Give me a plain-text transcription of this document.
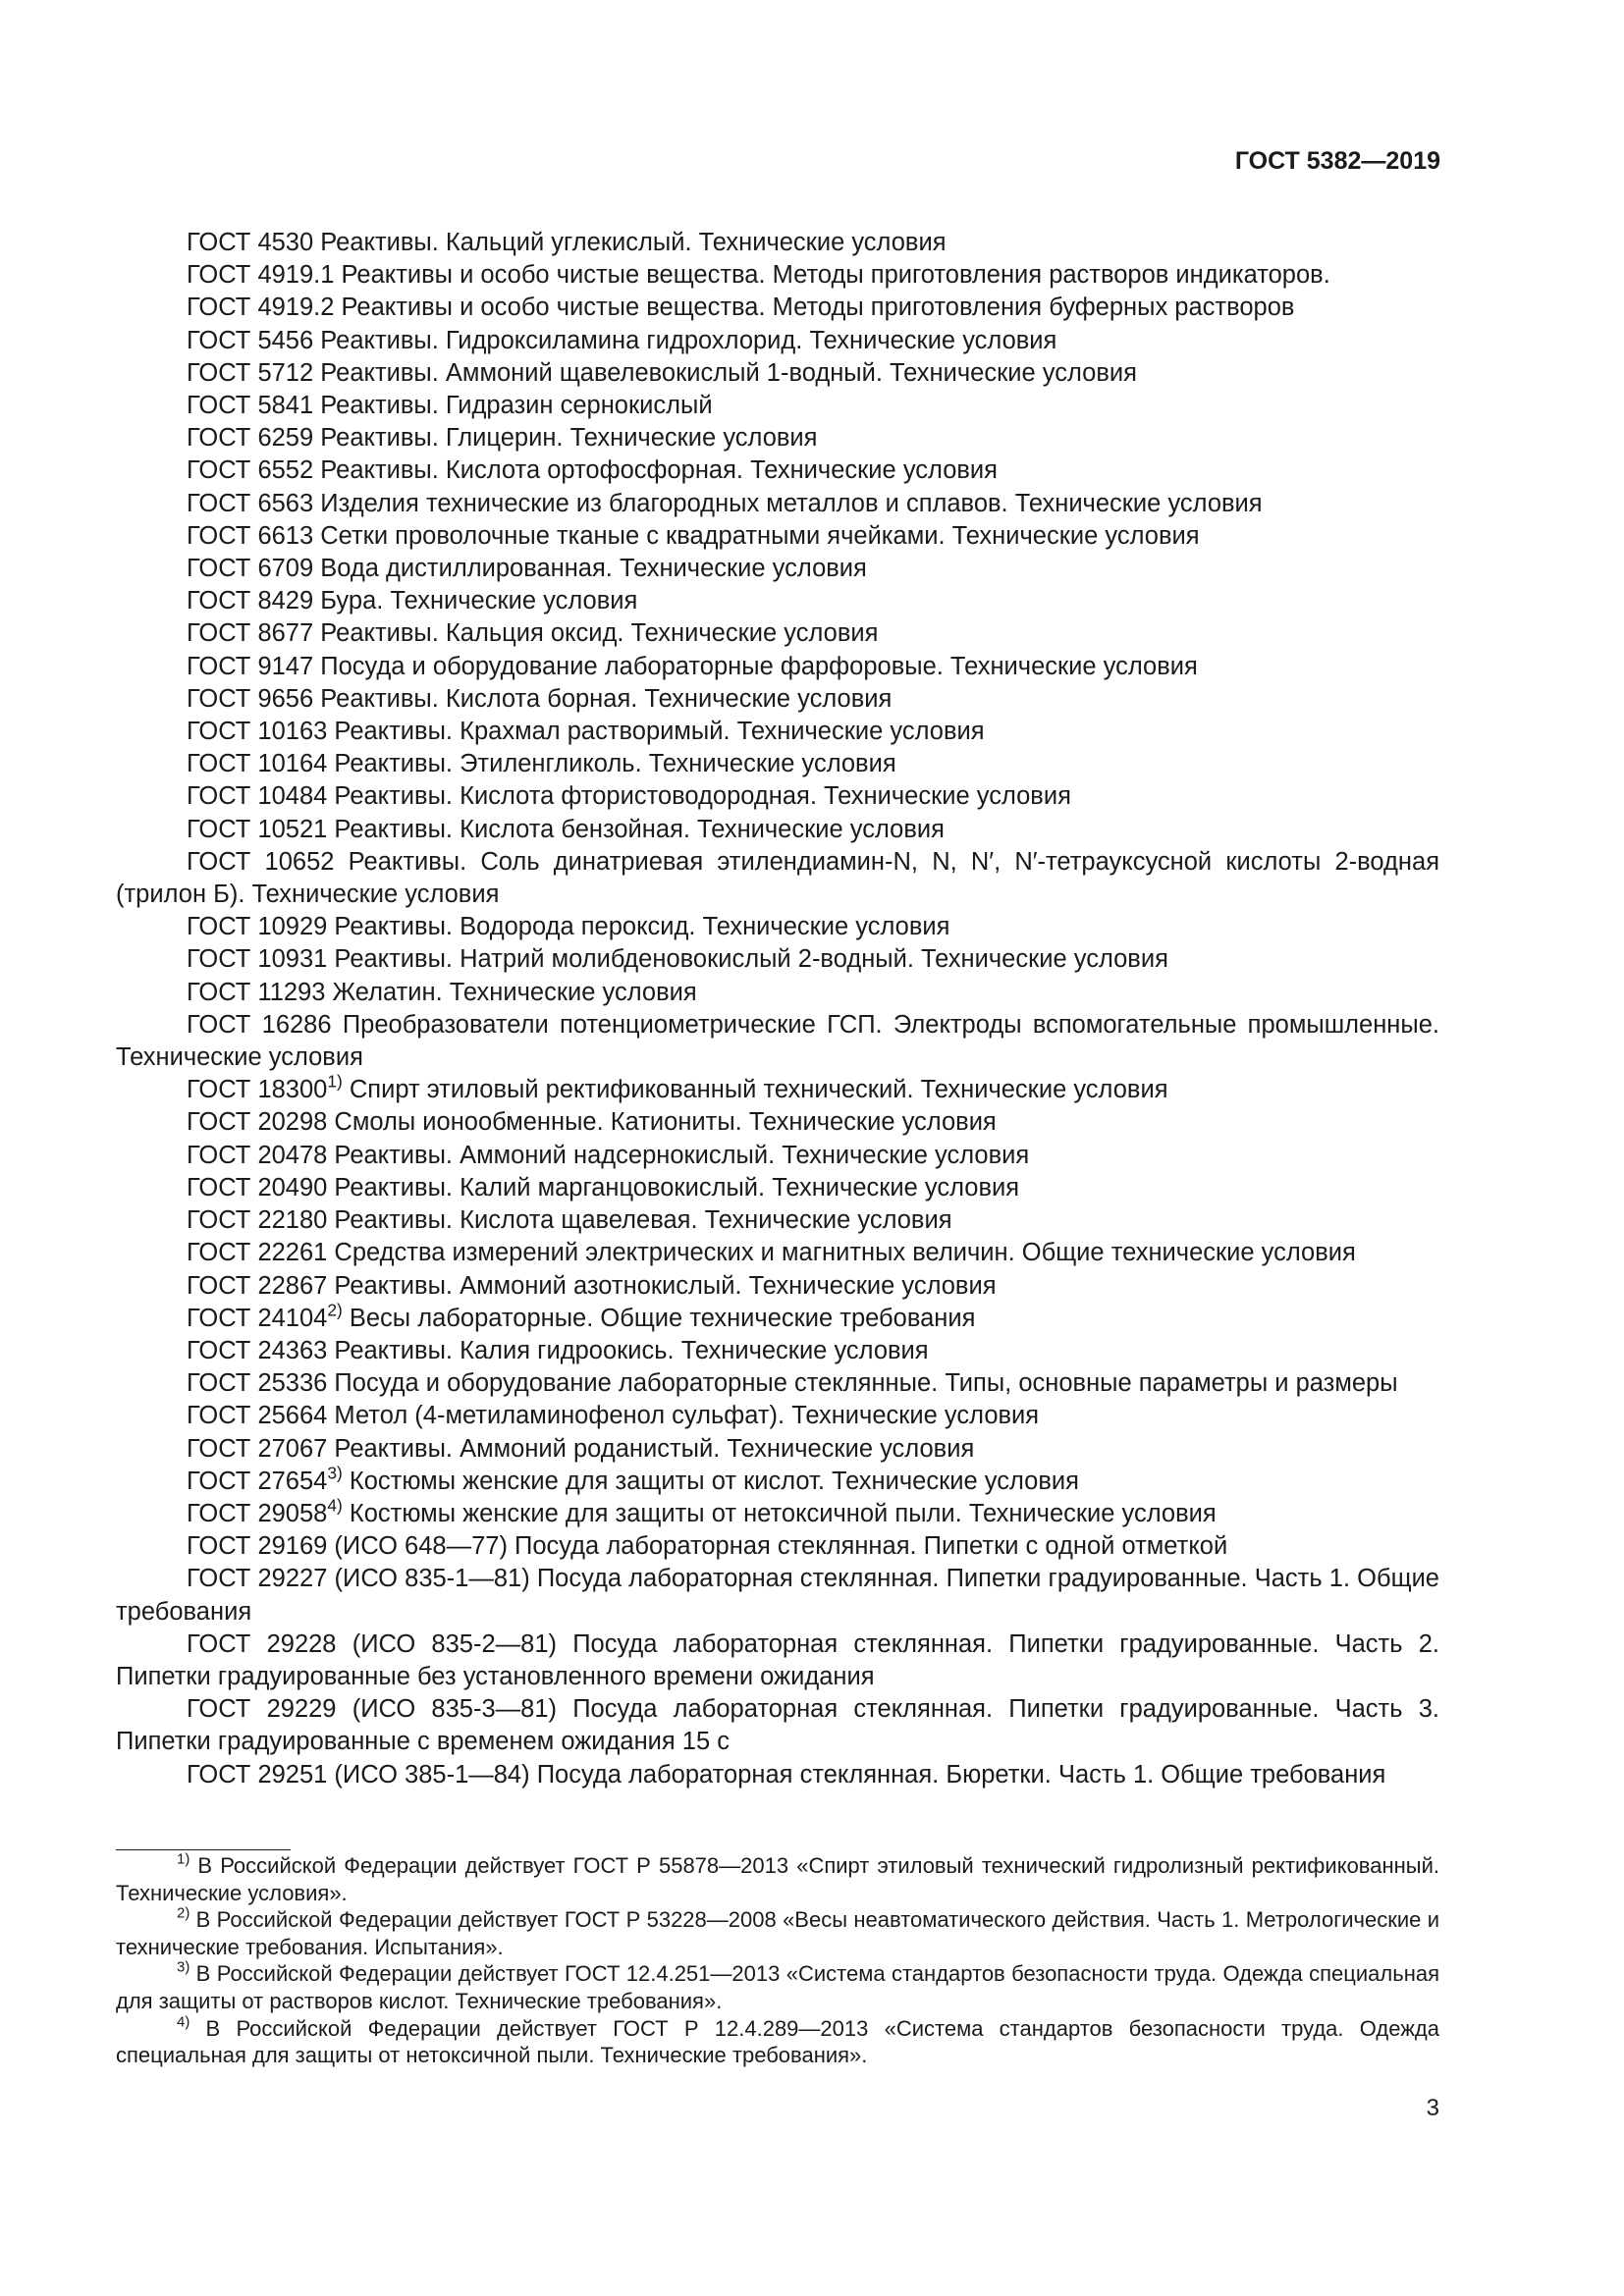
ГОСТ 5382—2019
ГОСТ 4530 Реактивы. Кальций углекислый. Технические условия
ГОСТ 4919.1 Реактивы и особо чистые вещества. Методы приготовления растворов индикаторов.
ГОСТ 4919.2 Реактивы и особо чистые вещества. Методы приготовления буферных растворов
ГОСТ 5456 Реактивы. Гидроксиламина гидрохлорид. Технические условия
ГОСТ 5712 Реактивы. Аммоний щавелевокислый 1-водный. Технические условия
ГОСТ 5841 Реактивы. Гидразин сернокислый
ГОСТ 6259 Реактивы. Глицерин. Технические условия
ГОСТ 6552 Реактивы. Кислота ортофосфорная. Технические условия
ГОСТ 6563 Изделия технические из благородных металлов и сплавов. Технические условия
ГОСТ 6613 Сетки проволочные тканые с квадратными ячейками. Технические условия
ГОСТ 6709 Вода дистиллированная. Технические условия
ГОСТ 8429 Бура. Технические условия
ГОСТ 8677 Реактивы. Кальция оксид. Технические условия
ГОСТ 9147 Посуда и оборудование лабораторные фарфоровые. Технические условия
ГОСТ 9656 Реактивы. Кислота борная. Технические условия
ГОСТ 10163 Реактивы. Крахмал растворимый. Технические условия
ГОСТ 10164 Реактивы. Этиленгликоль. Технические условия
ГОСТ 10484 Реактивы. Кислота фтористоводородная. Технические условия
ГОСТ 10521 Реактивы. Кислота бензойная. Технические условия
ГОСТ 10652 Реактивы. Соль динатриевая этилендиамин-N, N, N′, N′-тетрауксусной кислоты 2-водная (трилон Б). Технические условия
ГОСТ 10929 Реактивы. Водорода пероксид. Технические условия
ГОСТ 10931 Реактивы. Натрий молибденовокислый 2-водный. Технические условия
ГОСТ 11293 Желатин. Технические условия
ГОСТ 16286 Преобразователи потенциометрические ГСП. Электроды вспомогательные промышленные. Технические условия
ГОСТ 18300$^{1)}$ Спирт этиловый ректификованный технический. Технические условия
ГОСТ 20298 Смолы ионообменные. Катиониты. Технические условия
ГОСТ 20478 Реактивы. Аммоний надсернокислый. Технические условия
ГОСТ 20490 Реактивы. Калий марганцовокислый. Технические условия
ГОСТ 22180 Реактивы. Кислота щавелевая. Технические условия
ГОСТ 22261 Средства измерений электрических и магнитных величин. Общие технические условия
ГОСТ 22867 Реактивы. Аммоний азотнокислый. Технические условия
ГОСТ 24104$^{2)}$ Весы лабораторные. Общие технические требования
ГОСТ 24363 Реактивы. Калия гидроокись. Технические условия
ГОСТ 25336 Посуда и оборудование лабораторные стеклянные. Типы, основные параметры и размеры
ГОСТ 25664 Метол (4-метиламинофенол сульфат). Технические условия
ГОСТ 27067 Реактивы. Аммоний роданистый. Технические условия
ГОСТ 27654$^{3)}$ Костюмы женские для защиты от кислот. Технические условия
ГОСТ 29058$^{4)}$ Костюмы женские для защиты от нетоксичной пыли. Технические условия
ГОСТ 29169 (ИСО 648—77) Посуда лабораторная стеклянная. Пипетки с одной отметкой
ГОСТ 29227 (ИСО 835-1—81) Посуда лабораторная стеклянная. Пипетки градуированные. Часть 1. Общие требования
ГОСТ 29228 (ИСО 835-2—81) Посуда лабораторная стеклянная. Пипетки градуированные. Часть 2. Пипетки градуированные без установленного времени ожидания
ГОСТ 29229 (ИСО 835-3—81) Посуда лабораторная стеклянная. Пипетки градуированные. Часть 3. Пипетки градуированные с временем ожидания 15 с
ГОСТ 29251 (ИСО 385-1—84) Посуда лабораторная стеклянная. Бюретки. Часть 1. Общие требования
$^{1)}$ В Российской Федерации действует ГОСТ Р 55878—2013 «Спирт этиловый технический гидролизный ректификованный. Технические условия».
$^{2)}$ В Российской Федерации действует ГОСТ Р 53228—2008 «Весы неавтоматического действия. Часть 1. Метрологические и технические требования. Испытания».
$^{3)}$ В Российской Федерации действует ГОСТ 12.4.251—2013 «Система стандартов безопасности труда. Одежда специальная для защиты от растворов кислот. Технические требования».
$^{4)}$ В Российской Федерации действует ГОСТ Р 12.4.289—2013 «Система стандартов безопасности труда. Одежда специальная для защиты от нетоксичной пыли. Технические требования».
3
